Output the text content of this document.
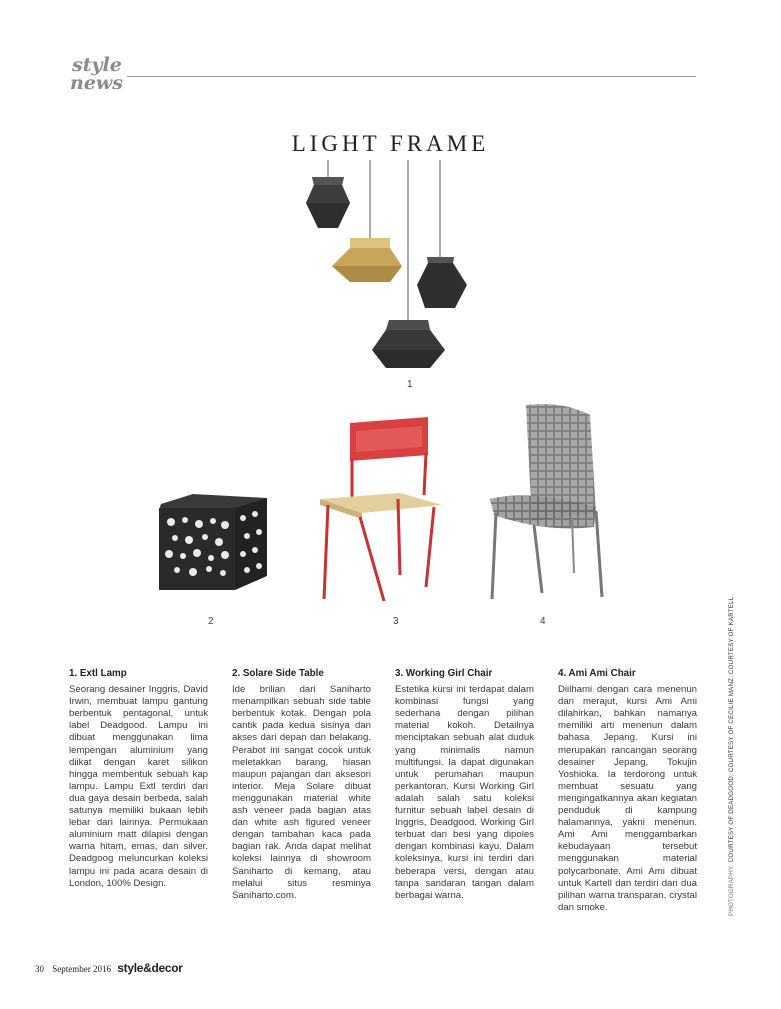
style
news
LIGHT FRAME
1
2	3	4
1. Extl Lamp

Seorang desainer Inggris, David Irwin, membuat lampu gantung berbentuk pentagonal, untuk label Deadgood. Lampu ini dibuat menggunakan lima lempengan aluminium yang diikat dengan karet silikon hingga membentuk sebuah kap lampu. Lampu Extl terdiri dari dua gaya desain berbeda, salah satunya memiliki bukaan lebih lebar dari lainnya. Permukaan aluminium matt dilapisi dengan warna hitam, emas, dan silver. Deadgoog meluncurkan koleksi lampu ini pada acara desain di London, 100% Design.

2. Solare Side Table

Ide brilian dari Saniharto menampilkan sebuah side table berbentuk kotak. Dengan pola cantik pada kedua sisinya dan akses dari depan dan belakang. Perabot ini sangat cocok untuk meletakkan barang, hiasan maupun pajangan dan aksesori interior. Meja Solare dibuat menggunakan material white ash veneer pada bagian atas dan white ash figured veneer dengan tambahan kaca pada bagian rak. Anda dapat melihat koleksi lainnya di showroom Saniharto di kemang, atau melalui situs resminya Saniharto.com.

3. Working Girl Chair

Estetika kursi ini terdapat dalam kombinasi fungsi yang sederhana dengan pilihan material kokoh. Detailnya menciptakan sebuah alat duduk yang minimalis namun multifungsi. Ia dapat digunakan untuk perumahan maupun perkantoran. Kursi Working Girl adalah salah satu koleksi furnitur sebuah label desain di Inggris, Deadgood. Working Girl terbuat dari besi yang dipoles dengan kombinasi kayu. Dalam koleksinya, kursi ini terdiri dari beberapa versi, dengan atau tanpa sandaran tangan dalam berbagai warna.

4. Ami Ami Chair

Diilhami dengan cara menenun dan merajut, kursi Ami Ami dilahirkan, bahkan namanya memiliki arti menenun dalam bahasa Jepang. Kursi ini merupakan rancangan seorang desainer Jepang, Tokujin Yoshioka. Ia terdorong untuk membuat sesuatu yang mengingatkannya akan kegiatan penduduk di kampung halamannya, yakni menenun. Ami Ami menggambarkan kebudayaan tersebut menggunakan material polycarbonate. Ami Ami dibuat untuk Kartell dan terdiri dari dua pilihan warna transparan, crystal dan smoke.	PHOTOGRAPHY: COURTESY OF DEADGOOD; COURTESY OF CECILIE MANZ; COURTESY OF KARTELL
30 September 2016 style&decor
